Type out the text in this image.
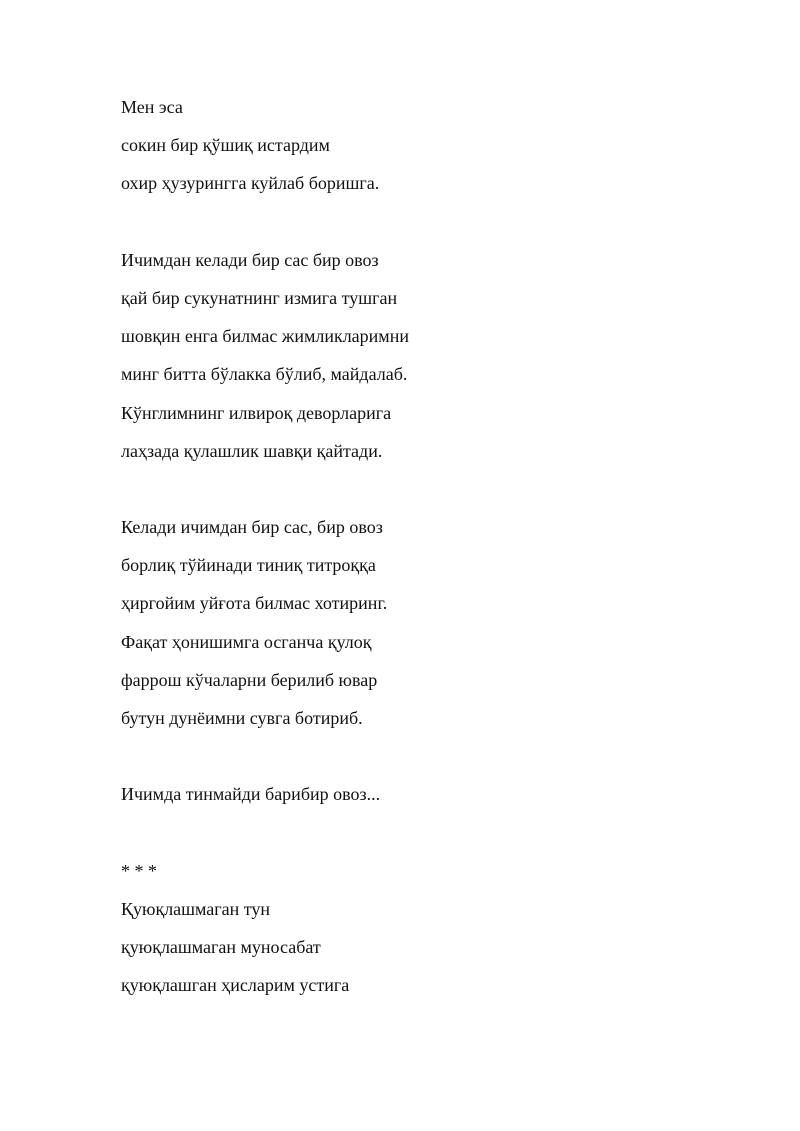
Мен эса
сокин бир қўшиқ истардим
охир ҳузурингга куйлаб боришга.
Ичимдан келади бир сас бир овоз
қай бир сукунатнинг измига тушган
шовқин енга билмас жимликларимни
минг битта бўлакка бўлиб, майдалаб.
Кўнглимнинг илвироқ деворларига
лаҳзада қулашлик шавқи қайтади.
Келади ичимдан бир сас, бир овоз
борлиқ тўйинади тиниқ титроққа
ҳиргойим уйғота билмас хотиринг.
Фақат ҳонишимга осганча қулоқ
фаррош кўчаларни берилиб ювар
бутун дунёимни сувга ботириб.
Ичимда тинмайди барибир овоз...
* * *
Қуюқлашмаган тун
қуюқлашмаган муносабат
қуюқлашган ҳисларим устига
